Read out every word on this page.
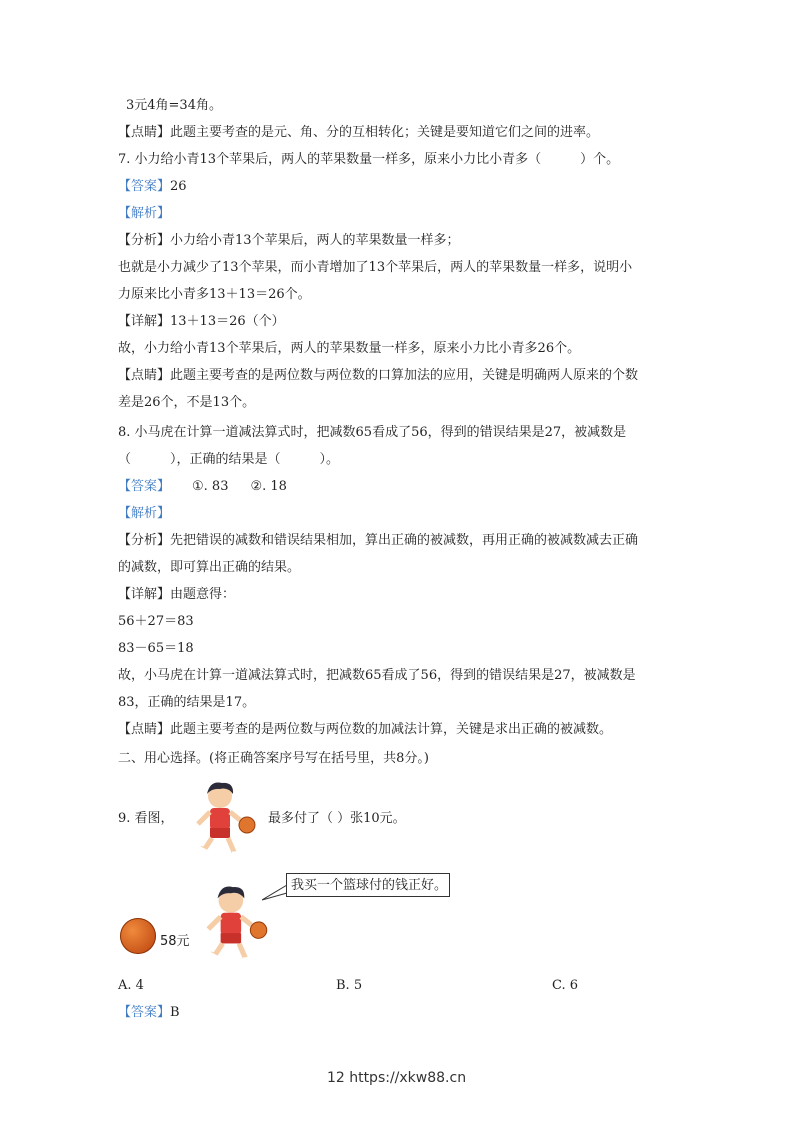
3元4角=34角。
【点睛】此题主要考查的是元、角、分的互相转化；关键是要知道它们之间的进率。
7. 小力给小青13个苹果后，两人的苹果数量一样多，原来小力比小青多（　　　）个。
【答案】26
【解析】
【分析】小力给小青13个苹果后，两人的苹果数量一样多；
也就是小力减少了13个苹果，而小青增加了13个苹果后，两人的苹果数量一样多，说明小
力原来比小青多13＋13＝26个。
【详解】13＋13＝26（个）
故，小力给小青13个苹果后，两人的苹果数量一样多，原来小力比小青多26个。
【点睛】此题主要考查的是两位数与两位数的口算加法的应用，关键是明确两人原来的个数
差是26个，不是13个。
8. 小马虎在计算一道减法算式时，把减数65看成了56，得到的错误结果是27，被减数是
（　　　），正确的结果是（　　　）。
【答案】 ①. 83 ②. 18
【解析】
【分析】先把错误的减数和错误结果相加，算出正确的被减数，再用正确的被减数减去正确
的减数，即可算出正确的结果。
【详解】由题意得：
56＋27＝83
83－65＝18
故，小马虎在计算一道减法算式时，把减数65看成了56，得到的错误结果是27，被减数是
83，正确的结果是17。
【点睛】此题主要考查的是两位数与两位数的加减法计算，关键是求出正确的被减数。
二、用心选择。(将正确答案序号写在括号里，共8分。)
9. 看图，	最多付了（ ）张10元。
我买一个篮球付的钱正好。
58元
A. 4	B. 5	C. 6
【答案】B
12 https://xkw88.cn
